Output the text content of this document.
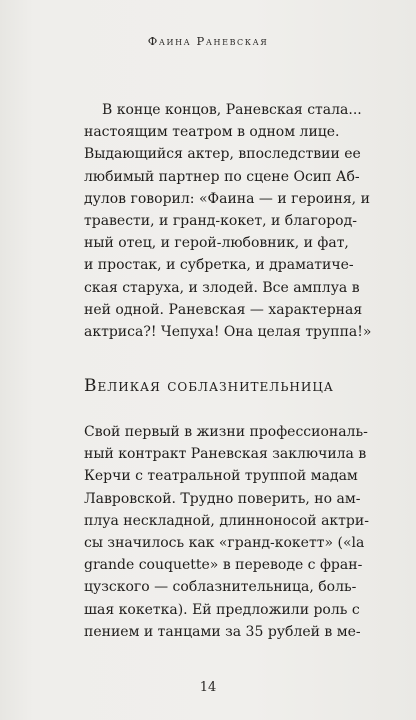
Фаина Раневская
В конце концов, Раневская стала...
настоящим театром в одном лице.
Выдающийся актер, впоследствии ее
любимый партнер по сцене Осип Аб-
дулов говорил: «Фаина — и героиня, и
травести, и гранд-кокет, и благород-
ный отец, и герой-любовник, и фат,
и простак, и субретка, и драматиче-
ская старуха, и злодей. Все амплуа в
ней одной. Раневская — характерная
актриса?! Чепуха! Она целая труппа!»
Великая соблазнительница
Свой первый в жизни профессиональ-
ный контракт Раневская заключила в
Керчи с театральной труппой мадам
Лавровской. Трудно поверить, но ам-
плуа нескладной, длинноносой актри-
сы значилось как «гранд-кокетт» («la
grande couquette» в переводе с фран-
цузского — соблазнительница, боль-
шая кокетка). Ей предложили роль с
пением и танцами за 35 рублей в ме-
14
